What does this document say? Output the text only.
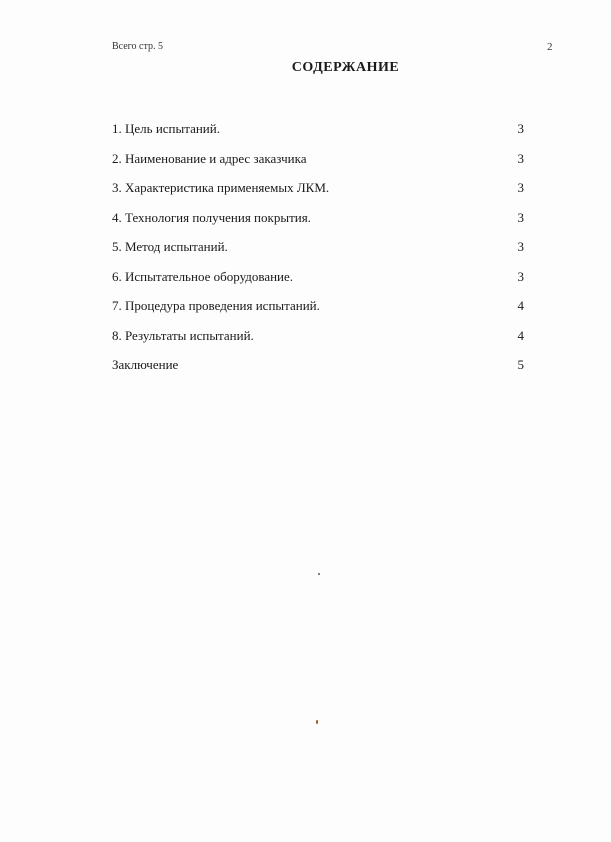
Всего стр. 5	2
СОДЕРЖАНИЕ
1. Цель испытаний.	3
2. Наименование и адрес заказчика	3
3. Характеристика применяемых ЛКМ.	3
4. Технология получения покрытия.	3
5. Метод испытаний.	3
6. Испытательное оборудование.	3
7. Процедура проведения испытаний.	4
8. Результаты испытаний.	4
Заключение	5
